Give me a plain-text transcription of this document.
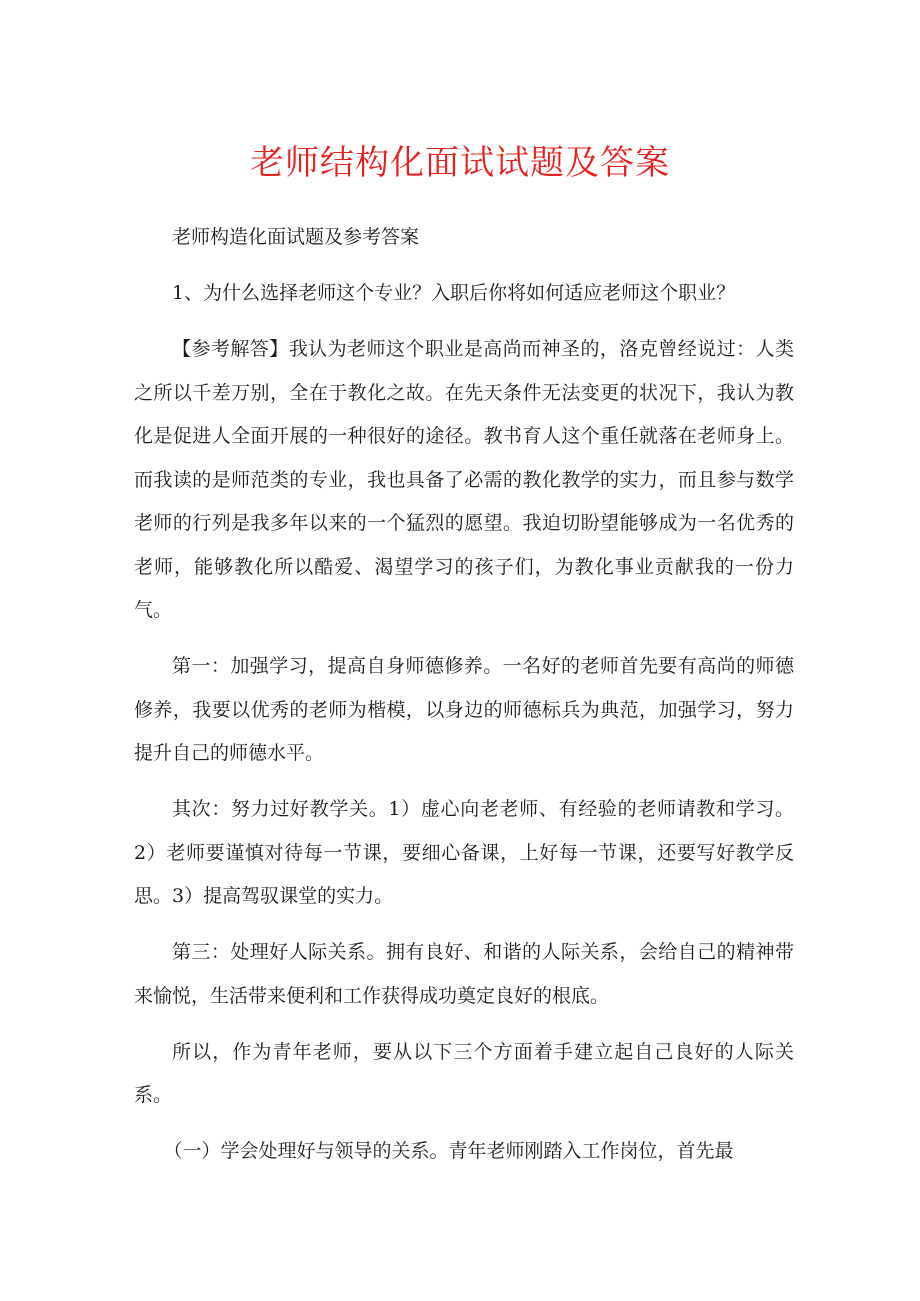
老师结构化面试试题及答案

老师构造化面试题及参考答案

1、为什么选择老师这个专业？入职后你将如何适应老师这个职业？

【参考解答】我认为老师这个职业是高尚而神圣的，洛克曾经说过：人类之所以千差万别，全在于教化之故。在先天条件无法变更的状况下，我认为教化是促进人全面开展的一种很好的途径。教书育人这个重任就落在老师身上。而我读的是师范类的专业，我也具备了必需的教化教学的实力，而且参与数学老师的行列是我多年以来的一个猛烈的愿望。我迫切盼望能够成为一名优秀的老师，能够教化所以酷爱、渴望学习的孩子们，为教化事业贡献我的一份力气。

第一：加强学习，提高自身师德修养。一名好的老师首先要有高尚的师德修养，我要以优秀的老师为楷模，以身边的师德标兵为典范，加强学习，努力提升自己的师德水平。

其次：努力过好教学关。1）虚心向老老师、有经验的老师请教和学习。2）老师要谨慎对待每一节课，要细心备课，上好每一节课，还要写好教学反思。3）提高驾驭课堂的实力。

第三：处理好人际关系。拥有良好、和谐的人际关系，会给自己的精神带来愉悦，生活带来便利和工作获得成功奠定良好的根底。

所以，作为青年老师，要从以下三个方面着手建立起自己良好的人际关系。

（一）学会处理好与领导的关系。青年老师刚踏入工作岗位，首先最
